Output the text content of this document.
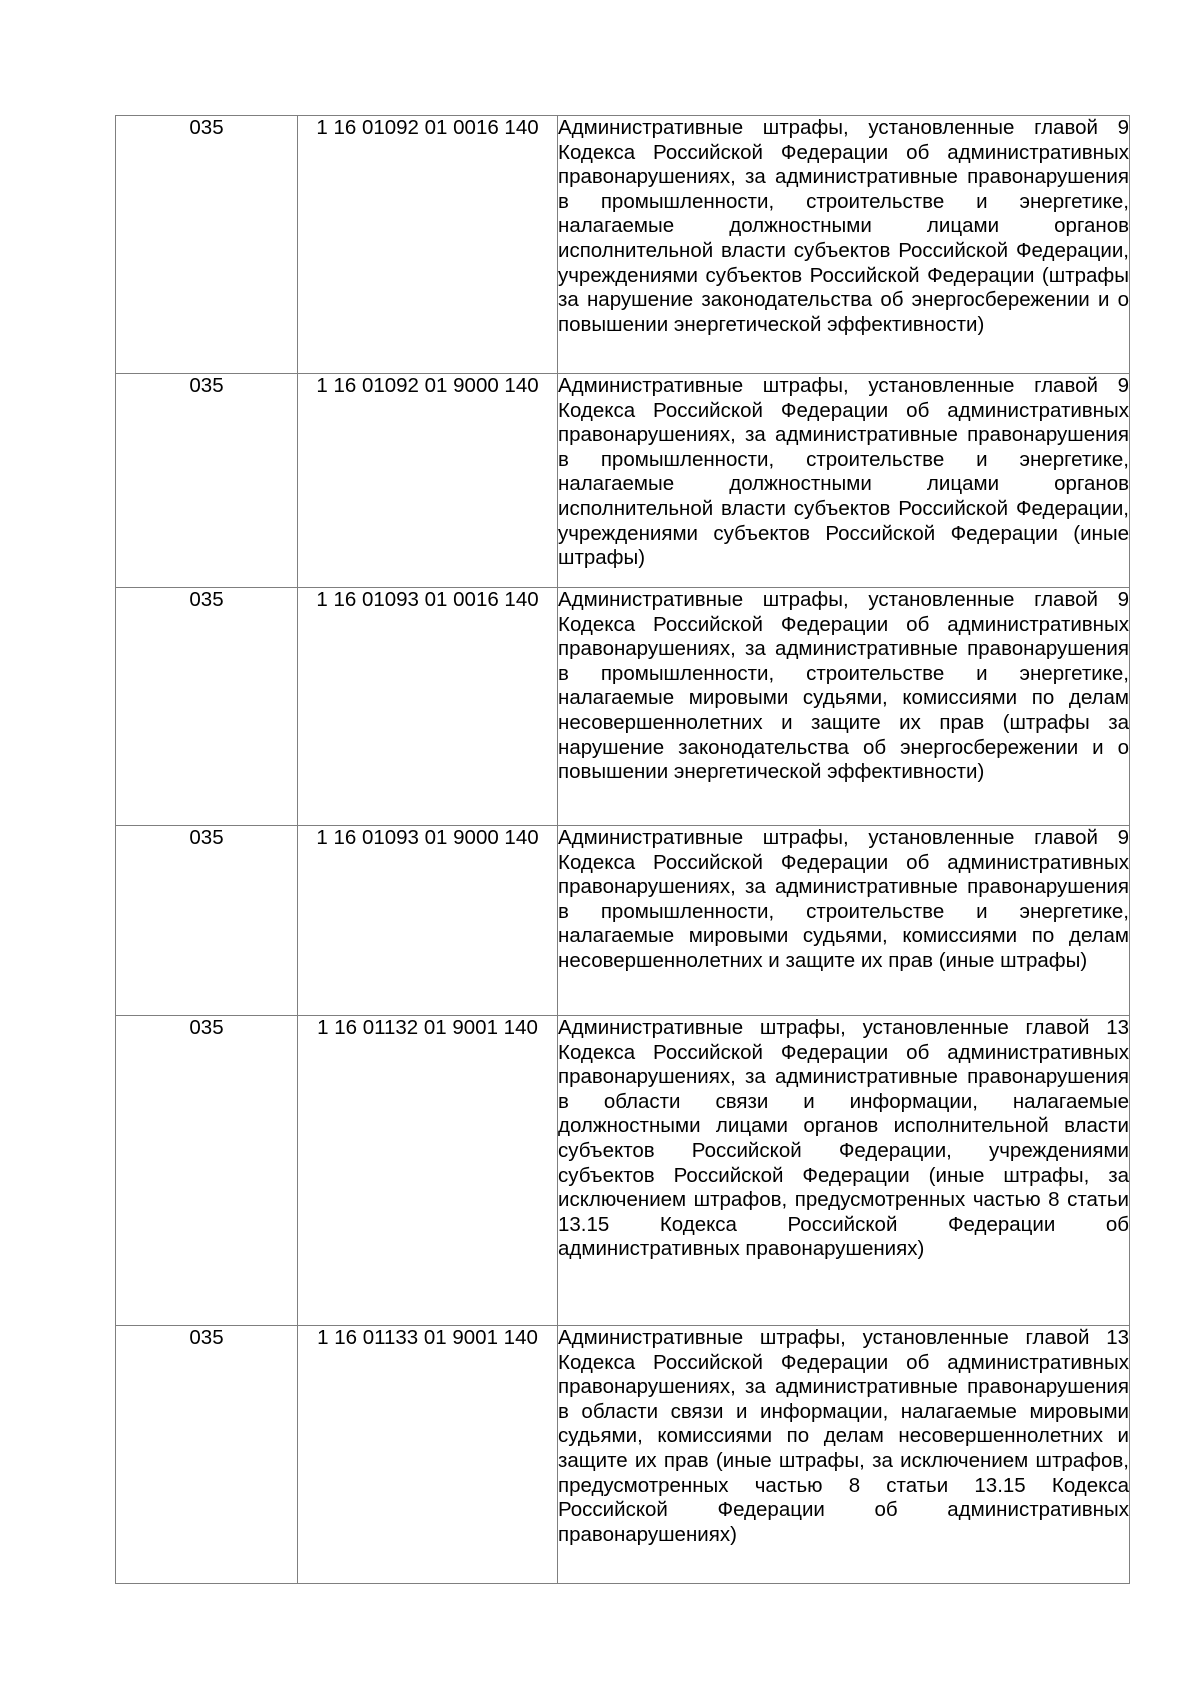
035	1 16 01092 01 0016 140	Административные штрафы, установленные главой 9 Кодекса Российской Федерации об административных правонарушениях, за административные правонарушения в промышленности, строительстве и энергетике, налагаемые должностными лицами органов исполнительной власти субъектов Российской Федерации, учреждениями субъектов Российской Федерации (штрафы за нарушение законодательства об энергосбережении и о повышении энергетической эффективности)

035	1 16 01092 01 9000 140	Административные штрафы, установленные главой 9 Кодекса Российской Федерации об административных правонарушениях, за административные правонарушения в промышленности, строительстве и энергетике, налагаемые должностными лицами органов исполнительной власти субъектов Российской Федерации, учреждениями субъектов Российской Федерации (иные штрафы)

035	1 16 01093 01 0016 140	Административные штрафы, установленные главой 9 Кодекса Российской Федерации об административных правонарушениях, за административные правонарушения в промышленности, строительстве и энергетике, налагаемые мировыми судьями, комиссиями по делам несовершеннолетних и защите их прав (штрафы за нарушение законодательства об энергосбережении и о повышении энергетической эффективности)

035	1 16 01093 01 9000 140	Административные штрафы, установленные главой 9 Кодекса Российской Федерации об административных правонарушениях, за административные правонарушения в промышленности, строительстве и энергетике, налагаемые мировыми судьями, комиссиями по делам несовершеннолетних и защите их прав (иные штрафы)

035	1 16 01132 01 9001 140	Административные штрафы, установленные главой 13 Кодекса Российской Федерации об административных правонарушениях, за административные правонарушения в области связи и информации, налагаемые должностными лицами органов исполнительной власти субъектов Российской Федерации, учреждениями субъектов Российской Федерации (иные штрафы, за исключением штрафов, предусмотренных частью 8 статьи 13.15 Кодекса Российской Федерации об административных правонарушениях)

035	1 16 01133 01 9001 140	Административные штрафы, установленные главой 13 Кодекса Российской Федерации об административных правонарушениях, за административные правонарушения в области связи и информации, налагаемые мировыми судьями, комиссиями по делам несовершеннолетних и защите их прав (иные штрафы, за исключением штрафов, предусмотренных частью 8 статьи 13.15 Кодекса Российской Федерации об административных правонарушениях)
